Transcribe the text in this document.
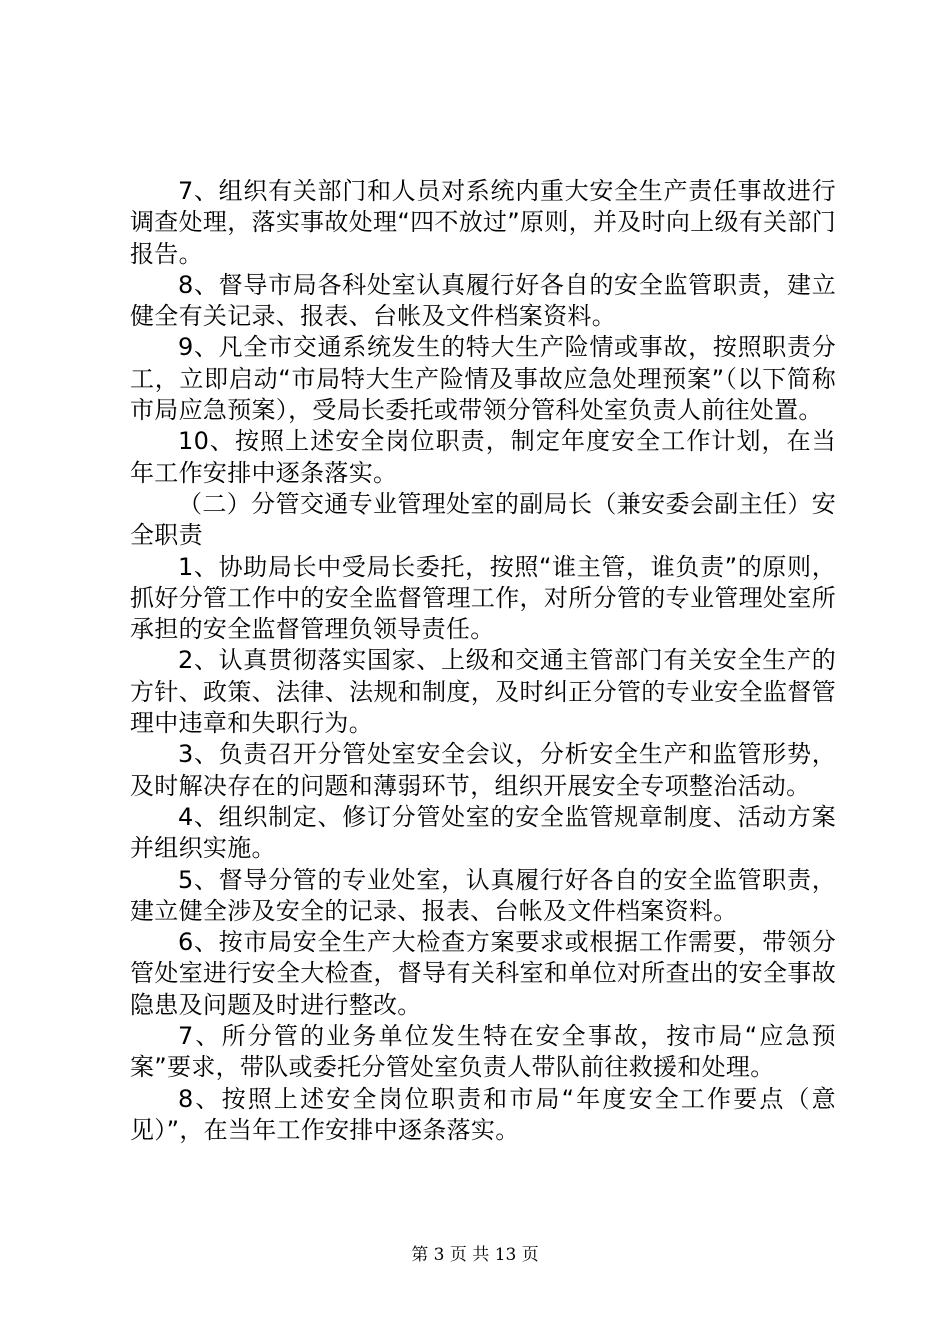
7、组织有关部门和人员对系统内重大安全生产责任事故进行调查处理，落实事故处理“四不放过”原则，并及时向上级有关部门报告。

8、督导市局各科处室认真履行好各自的安全监管职责，建立健全有关记录、报表、台帐及文件档案资料。

9、凡全市交通系统发生的特大生产险情或事故，按照职责分工，立即启动“市局特大生产险情及事故应急处理预案”（以下简称市局应急预案），受局长委托或带领分管科处室负责人前往处置。

10、按照上述安全岗位职责，制定年度安全工作计划，在当年工作安排中逐条落实。

（二）分管交通专业管理处室的副局长（兼安委会副主任）安全职责

1、协助局长中受局长委托，按照“谁主管，谁负责”的原则，抓好分管工作中的安全监督管理工作，对所分管的专业管理处室所承担的安全监督管理负领导责任。

2、认真贯彻落实国家、上级和交通主管部门有关安全生产的方针、政策、法律、法规和制度，及时纠正分管的专业安全监督管理中违章和失职行为。

3、负责召开分管处室安全会议，分析安全生产和监管形势，及时解决存在的问题和薄弱环节，组织开展安全专项整治活动。

4、组织制定、修订分管处室的安全监管规章制度、活动方案并组织实施。

5、督导分管的专业处室，认真履行好各自的安全监管职责，建立健全涉及安全的记录、报表、台帐及文件档案资料。

6、按市局安全生产大检查方案要求或根据工作需要，带领分管处室进行安全大检查，督导有关科室和单位对所查出的安全事故隐患及问题及时进行整改。

7、所分管的业务单位发生特在安全事故，按市局“应急预案”要求，带队或委托分管处室负责人带队前往救援和处理。

8、按照上述安全岗位职责和市局“年度安全工作要点（意见）”，在当年工作安排中逐条落实。

第 3 页 共 13 页
